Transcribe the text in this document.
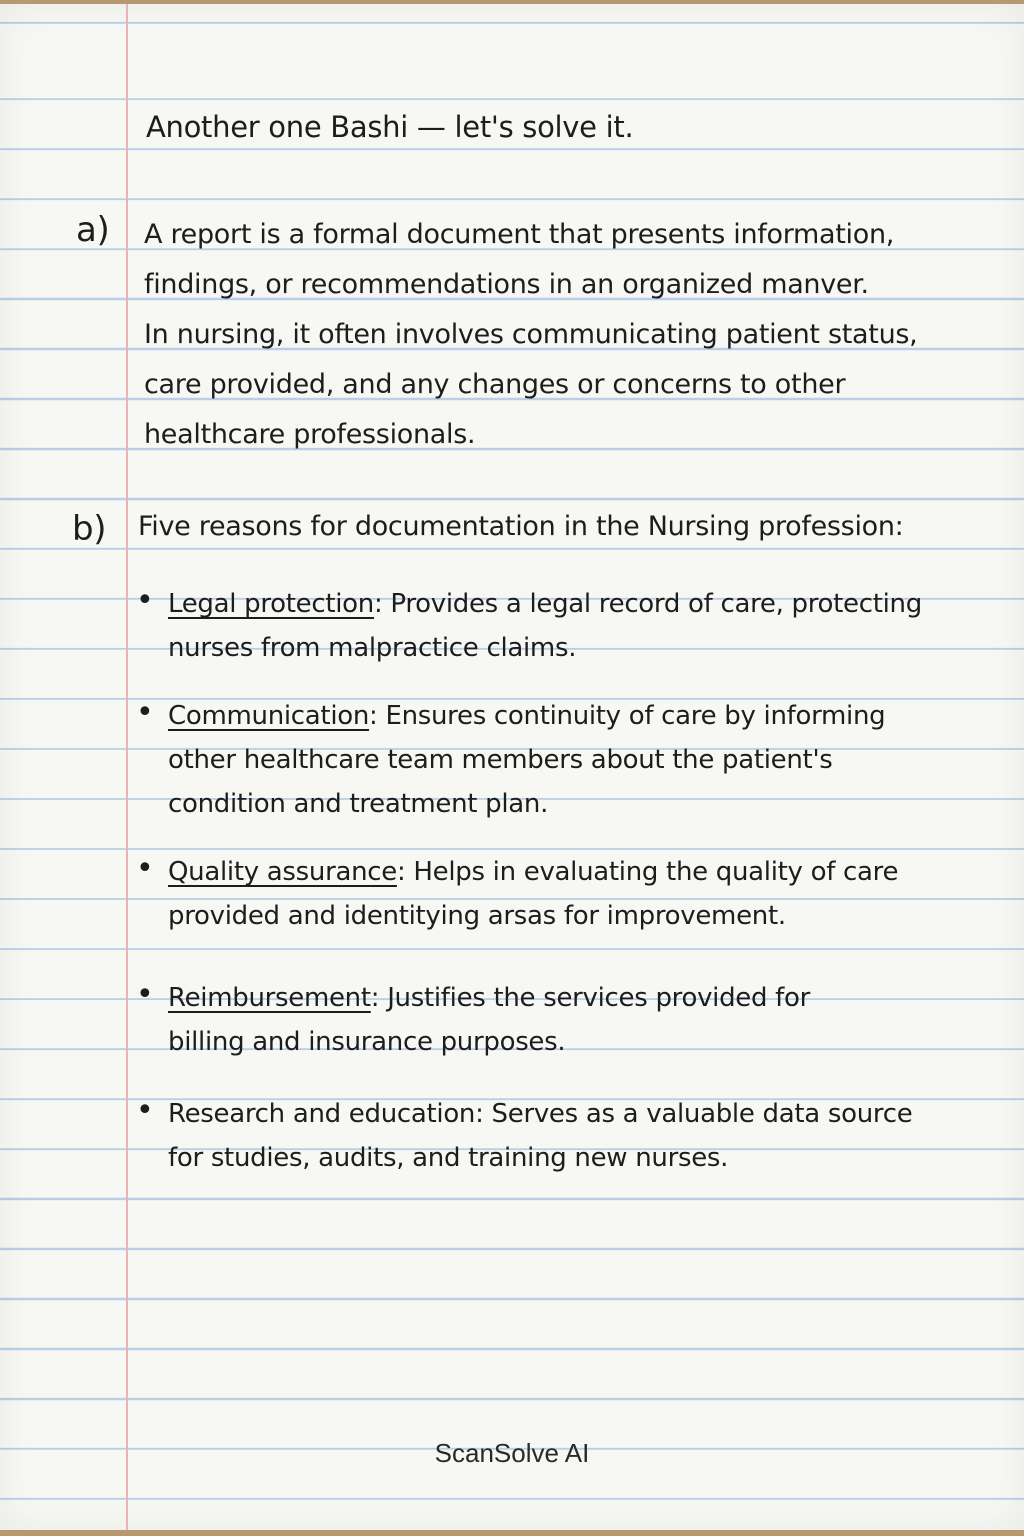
Another one Bashi — let's solve it.
a) A report is a formal document that presents information,
findings, or recommendations in an organized manver.
In nursing, it often involves communicating patient status,
care provided, and any changes or concerns to other
healthcare professionals.
b) Five reasons for documentation in the Nursing profession:
• Legal protection: Provides a legal record of care, protecting
nurses from malpractice claims.
• Communication: Ensures continuity of care by informing
other healthcare team members about the patient's
condition and treatment plan.
• Quality assurance: Helps in evaluating the quality of care
provided and identitying arsas for improvement.
• Reimbursement: Justifies the services provided for
billing and insurance purposes.
• Research and education: Serves as a valuable data source
for studies, audits, and training new nurses.
ScanSolve AI
